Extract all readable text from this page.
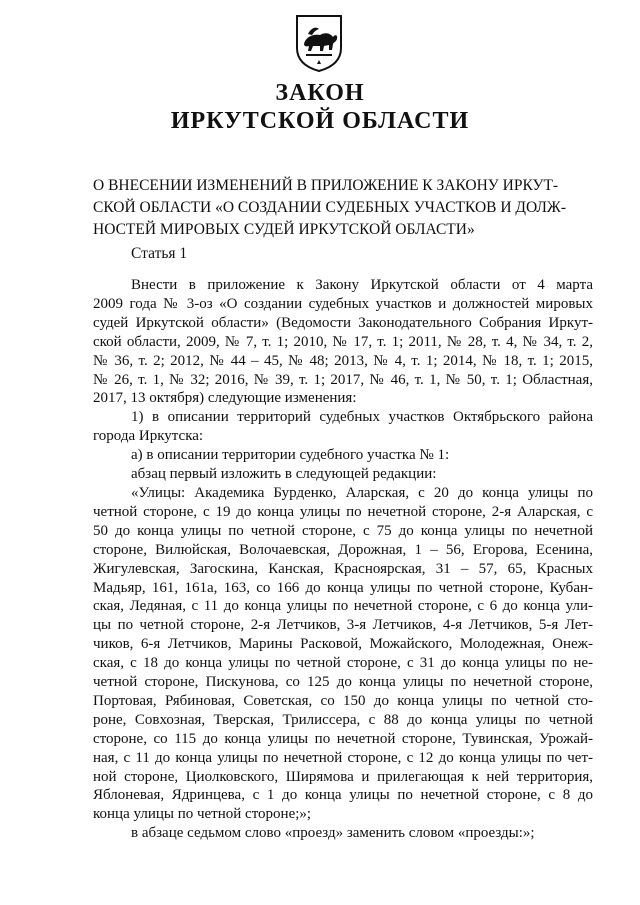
ЗАКОН
ИРКУТСКОЙ ОБЛАСТИ
О ВНЕСЕНИИ ИЗМЕНЕНИЙ В ПРИЛОЖЕНИЕ К ЗАКОНУ ИРКУТ-
СКОЙ ОБЛАСТИ «О СОЗДАНИИ СУДЕБНЫХ УЧАСТКОВ И ДОЛЖ-
НОСТЕЙ МИРОВЫХ СУДЕЙ ИРКУТСКОЙ ОБЛАСТИ»
Статья 1
Внести в приложение к Закону Иркутской области от 4 марта
2009 года № 3-оз «О создании судебных участков и должностей мировых
судей Иркутской области» (Ведомости Законодательного Собрания Иркут-
ской области, 2009, № 7, т. 1; 2010, № 17, т. 1; 2011, № 28, т. 4, № 34, т. 2,
№ 36, т. 2; 2012, № 44 – 45, № 48; 2013, № 4, т. 1; 2014, № 18, т. 1; 2015,
№ 26, т. 1, № 32; 2016, № 39, т. 1; 2017, № 46, т. 1, № 50, т. 1; Областная,
2017, 13 октября) следующие изменения:
1) в описании территорий судебных участков Октябрьского района
города Иркутска:
а) в описании территории судебного участка № 1:
абзац первый изложить в следующей редакции:
«Улицы: Академика Бурденко, Аларская, с 20 до конца улицы по
четной стороне, с 19 до конца улицы по нечетной стороне, 2-я Аларская, с
50 до конца улицы по четной стороне, с 75 до конца улицы по нечетной
стороне, Вилюйская, Волочаевская, Дорожная, 1 – 56, Егорова, Есенина,
Жигулевская, Загоскина, Канская, Красноярская, 31 – 57, 65, Красных
Мадьяр, 161, 161а, 163, со 166 до конца улицы по четной стороне, Кубан-
ская, Ледяная, с 11 до конца улицы по нечетной стороне, с 6 до конца ули-
цы по четной стороне, 2-я Летчиков, 3-я Летчиков, 4-я Летчиков, 5-я Лет-
чиков, 6-я Летчиков, Марины Расковой, Можайского, Молодежная, Онеж-
ская, с 18 до конца улицы по четной стороне, с 31 до конца улицы по не-
четной стороне, Пискунова, со 125 до конца улицы по нечетной стороне,
Портовая, Рябиновая, Советская, со 150 до конца улицы по четной сто-
роне, Совхозная, Тверская, Трилиссера, с 88 до конца улицы по четной
стороне, со 115 до конца улицы по нечетной стороне, Тувинская, Урожай-
ная, с 11 до конца улицы по нечетной стороне, с 12 до конца улицы по чет-
ной стороне, Циолковского, Ширямова и прилегающая к ней территория,
Яблоневая, Ядринцева, с 1 до конца улицы по нечетной стороне, с 8 до
конца улицы по четной стороне;»;
в абзаце седьмом слово «проезд» заменить словом «проезды:»;
